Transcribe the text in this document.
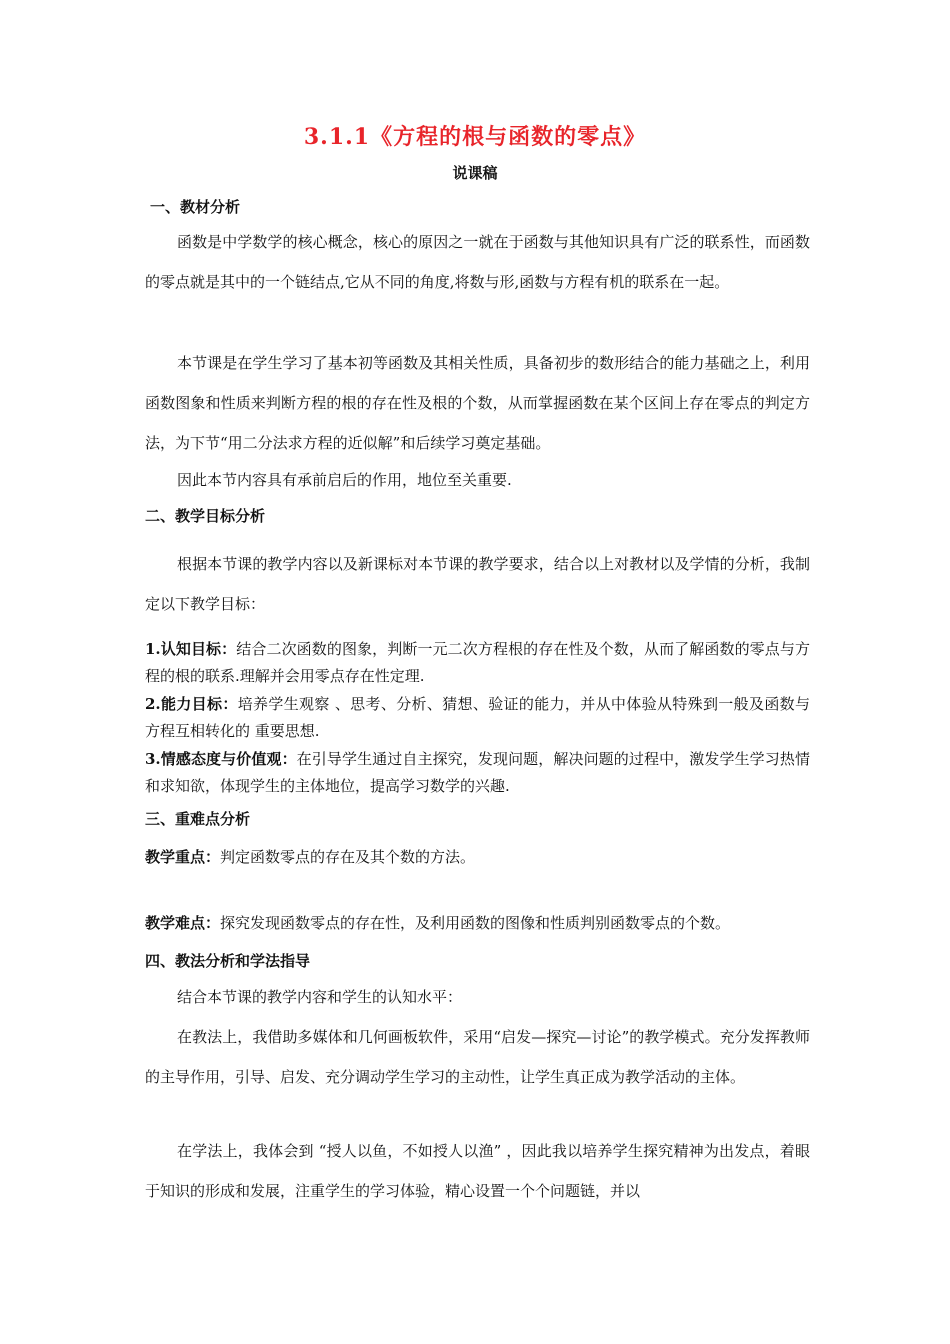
3.1.1《方程的根与函数的零点》
说课稿
一、教材分析

函数是中学数学的核心概念，核心的原因之一就在于函数与其他知识具有广泛的联系性，而函数的零点就是其中的一个链结点,它从不同的角度,将数与形,函数与方程有机的联系在一起。

本节课是在学生学习了基本初等函数及其相关性质，具备初步的数形结合的能力基础之上，利用函数图象和性质来判断方程的根的存在性及根的个数，从而掌握函数在某个区间上存在零点的判定方法，为下节“用二分法求方程的近似解”和后续学习奠定基础。

因此本节内容具有承前启后的作用，地位至关重要.

二、教学目标分析

根据本节课的教学内容以及新课标对本节课的教学要求，结合以上对教材以及学情的分析，我制定以下教学目标：

1.认知目标：结合二次函数的图象，判断一元二次方程根的存在性及个数，从而了解函数的零点与方程的根的联系.理解并会用零点存在性定理.

2.能力目标：培养学生观察 、思考、分析、猜想、验证的能力，并从中体验从特殊到一般及函数与方程互相转化的 重要思想.

3.情感态度与价值观：在引导学生通过自主探究，发现问题，解决问题的过程中，激发学生学习热情和求知欲，体现学生的主体地位，提高学习数学的兴趣.

三、重难点分析
教学重点：判定函数零点的存在及其个数的方法。
教学难点：探究发现函数零点的存在性，及利用函数的图像和性质判别函数零点的个数。
四、教法分析和学法指导

结合本节课的教学内容和学生的认知水平：

在教法上，我借助多媒体和几何画板软件，采用“启发—探究—讨论”的教学模式。充分发挥教师的主导作用，引导、启发、充分调动学生学习的主动性，让学生真正成为教学活动的主体。

在学法上，我体会到 “授人以鱼，不如授人以渔” ，因此我以培养学生探究精神为出发点，着眼于知识的形成和发展，注重学生的学习体验，精心设置一个个问题链，并以
